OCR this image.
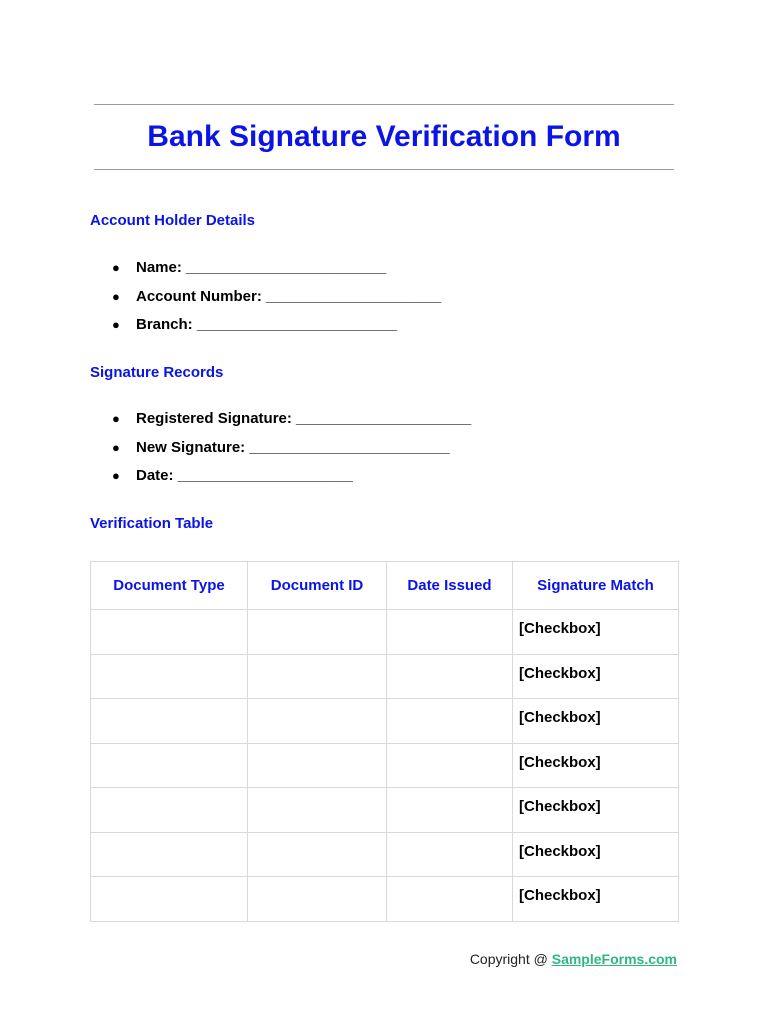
Bank Signature Verification Form
Account Holder Details
● Name: ________________________
● Account Number: _____________________
● Branch: ________________________
Signature Records
● Registered Signature: _____________________
● New Signature: ________________________
● Date: _____________________
Verification Table
Document Type	Document ID	Date Issued	Signature Match
			[Checkbox]
			[Checkbox]
			[Checkbox]
			[Checkbox]
			[Checkbox]
			[Checkbox]
			[Checkbox]
Copyright @ SampleForms.com
